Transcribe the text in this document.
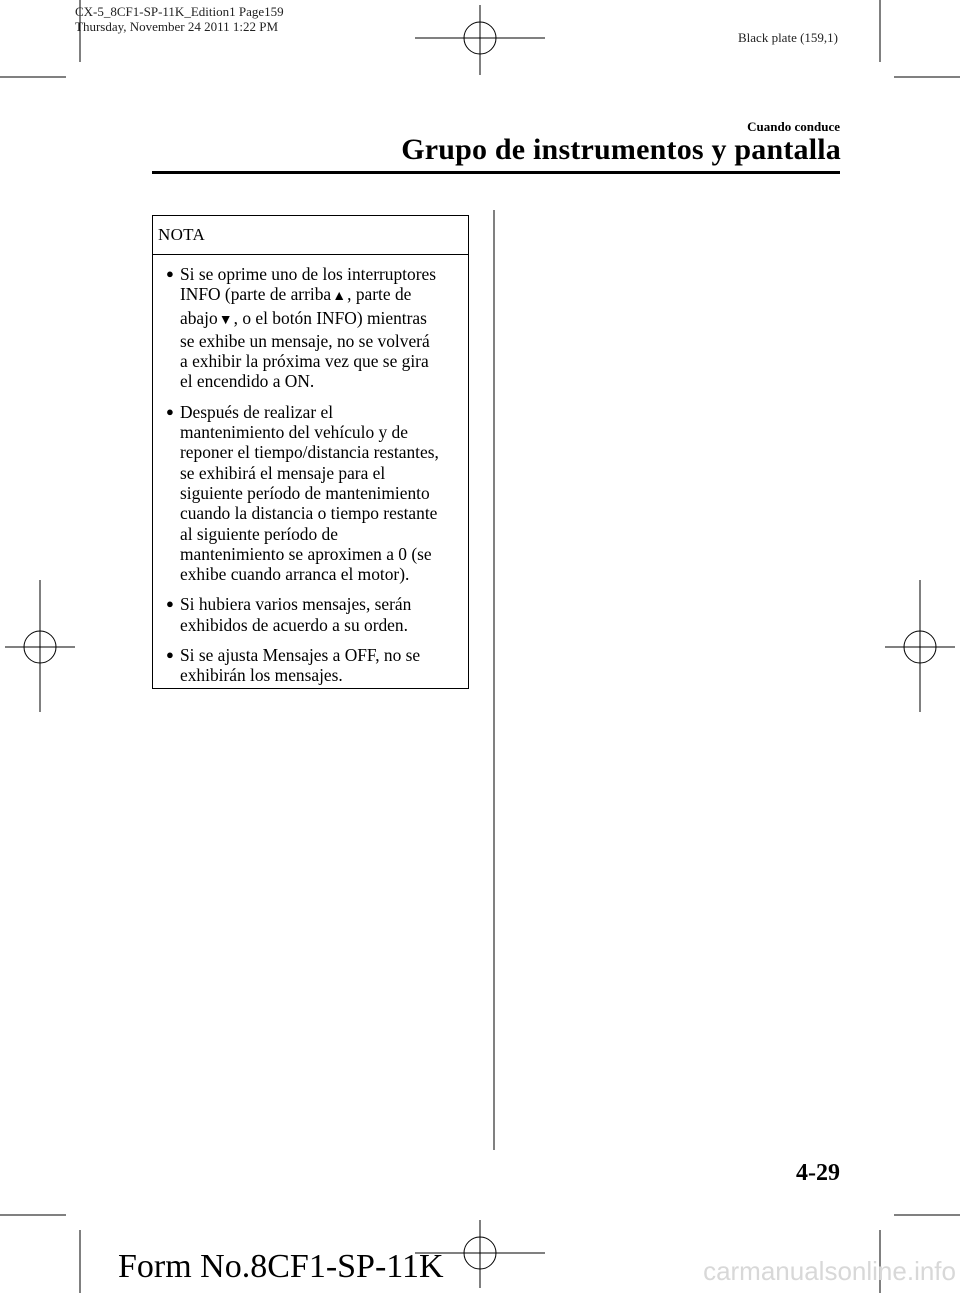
CX-5_8CF1-SP-11K_Edition1 Page159
Thursday, November 24 2011 1:22 PM
Black plate (159,1)
Cuando conduce
Grupo de instrumentos y pantalla
NOTA
● Si se oprime uno de los interruptores
INFO (parte de arriba▲, parte de
abajo▼, o el botón INFO) mientras
se exhibe un mensaje, no se volverá
a exhibir la próxima vez que se gira
el encendido a ON.
● Después de realizar el
mantenimiento del vehículo y de
reponer el tiempo/distancia restantes,
se exhibirá el mensaje para el
siguiente período de mantenimiento
cuando la distancia o tiempo restante
al siguiente período de
mantenimiento se aproximen a 0 (se
exhibe cuando arranca el motor).
● Si hubiera varios mensajes, serán
exhibidos de acuerdo a su orden.
● Si se ajusta Mensajes a OFF, no se
exhibirán los mensajes.
4-29
Form No.8CF1-SP-11K	carmanualsonline.info
